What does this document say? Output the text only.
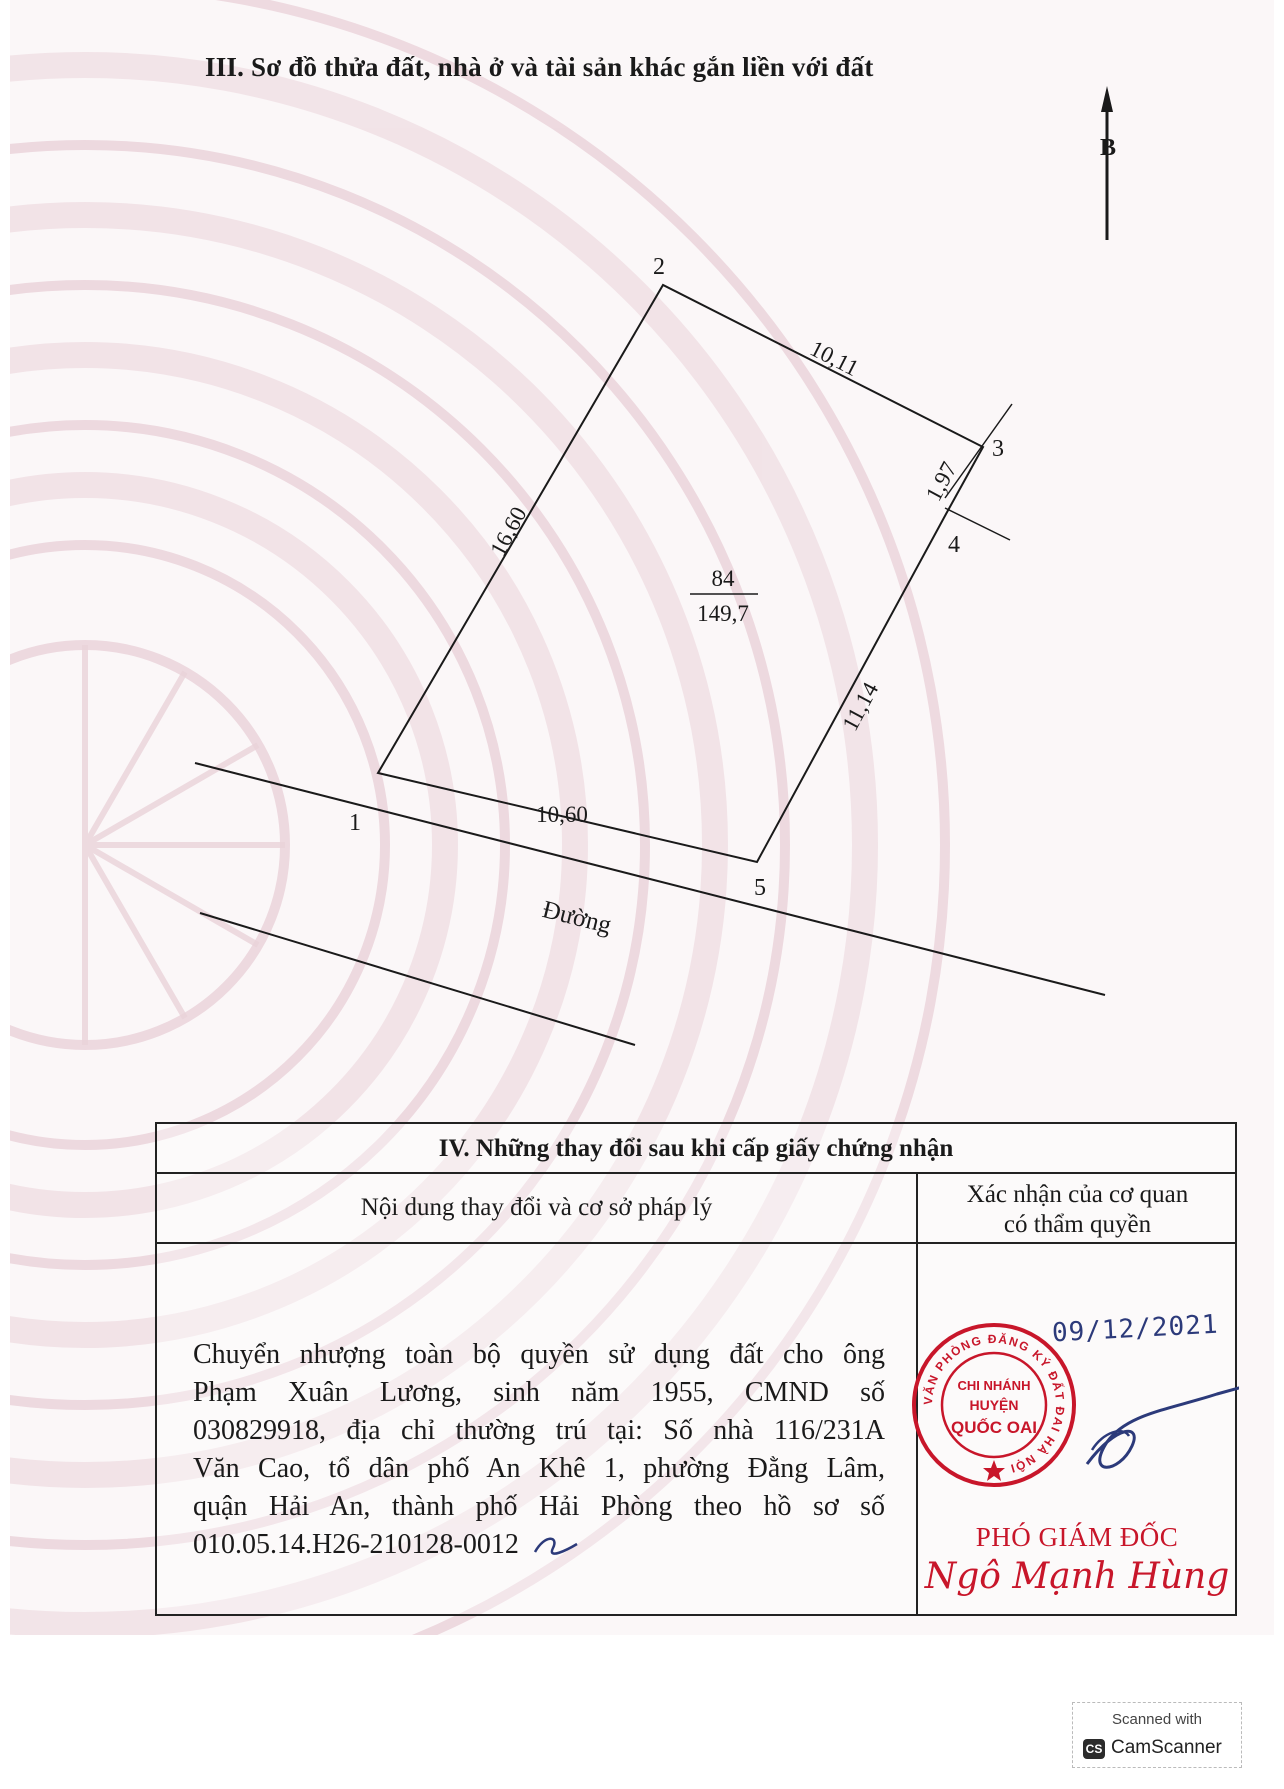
III. Sơ đồ thửa đất, nhà ở và tài sản khác gắn liền với đất
B
1
2
3
4
5
16,60
10,11
1,97
11,14
10,60
84
149,7
Đường
IV. Những thay đổi sau khi cấp giấy chứng nhận
Nội dung thay đổi và cơ sở pháp lý	Xác nhận của cơ quan
có thẩm quyền
Chuyển nhượng toàn bộ quyền sử dụng đất cho ông
Phạm Xuân Lương, sinh năm 1955, CMND số
030829918, địa chỉ thường trú tại: Số nhà 116/231A
Văn Cao, tổ dân phố An Khê 1, phường Đằng Lâm,
quận Hải An, thành phố Hải Phòng theo hồ sơ số
010.05.14.H26-210128-0012
09/12/2021
VĂN PHÒNG ĐĂNG KÝ ĐẤT ĐAI HÀ NỘI
CHI NHÁNH
HUYỆN
QUỐC OAI
PHÓ GIÁM ĐỐC
Ngô Mạnh Hùng
Scanned with
CS CamScanner
